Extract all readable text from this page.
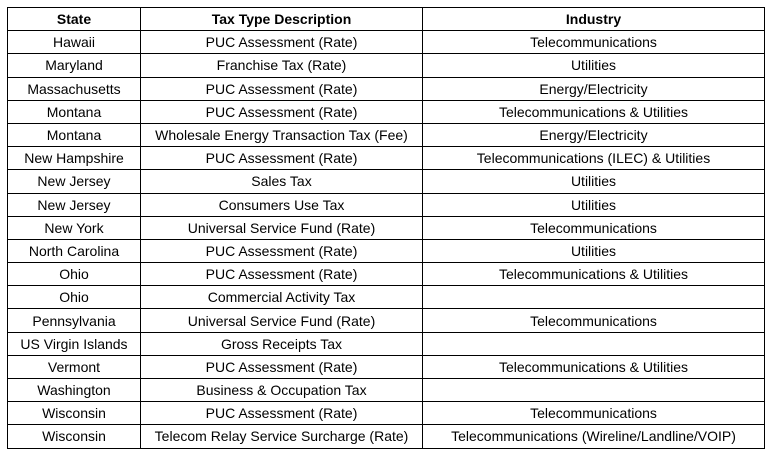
State	Tax Type Description	Industry
Hawaii	PUC Assessment (Rate)	Telecommunications
Maryland	Franchise Tax (Rate)	Utilities
Massachusetts	PUC Assessment (Rate)	Energy/Electricity
Montana	PUC Assessment (Rate)	Telecommunications & Utilities
Montana	Wholesale Energy Transaction Tax (Fee)	Energy/Electricity
New Hampshire	PUC Assessment (Rate)	Telecommunications (ILEC) & Utilities
New Jersey	Sales Tax	Utilities
New Jersey	Consumers Use Tax	Utilities
New York	Universal Service Fund (Rate)	Telecommunications
North Carolina	PUC Assessment (Rate)	Utilities
Ohio	PUC Assessment (Rate)	Telecommunications & Utilities
Ohio	Commercial Activity Tax	
Pennsylvania	Universal Service Fund (Rate)	Telecommunications
US Virgin Islands	Gross Receipts Tax	
Vermont	PUC Assessment (Rate)	Telecommunications & Utilities
Washington	Business & Occupation Tax	
Wisconsin	PUC Assessment (Rate)	Telecommunications
Wisconsin	Telecom Relay Service Surcharge (Rate)	Telecommunications (Wireline/Landline/VOIP)
